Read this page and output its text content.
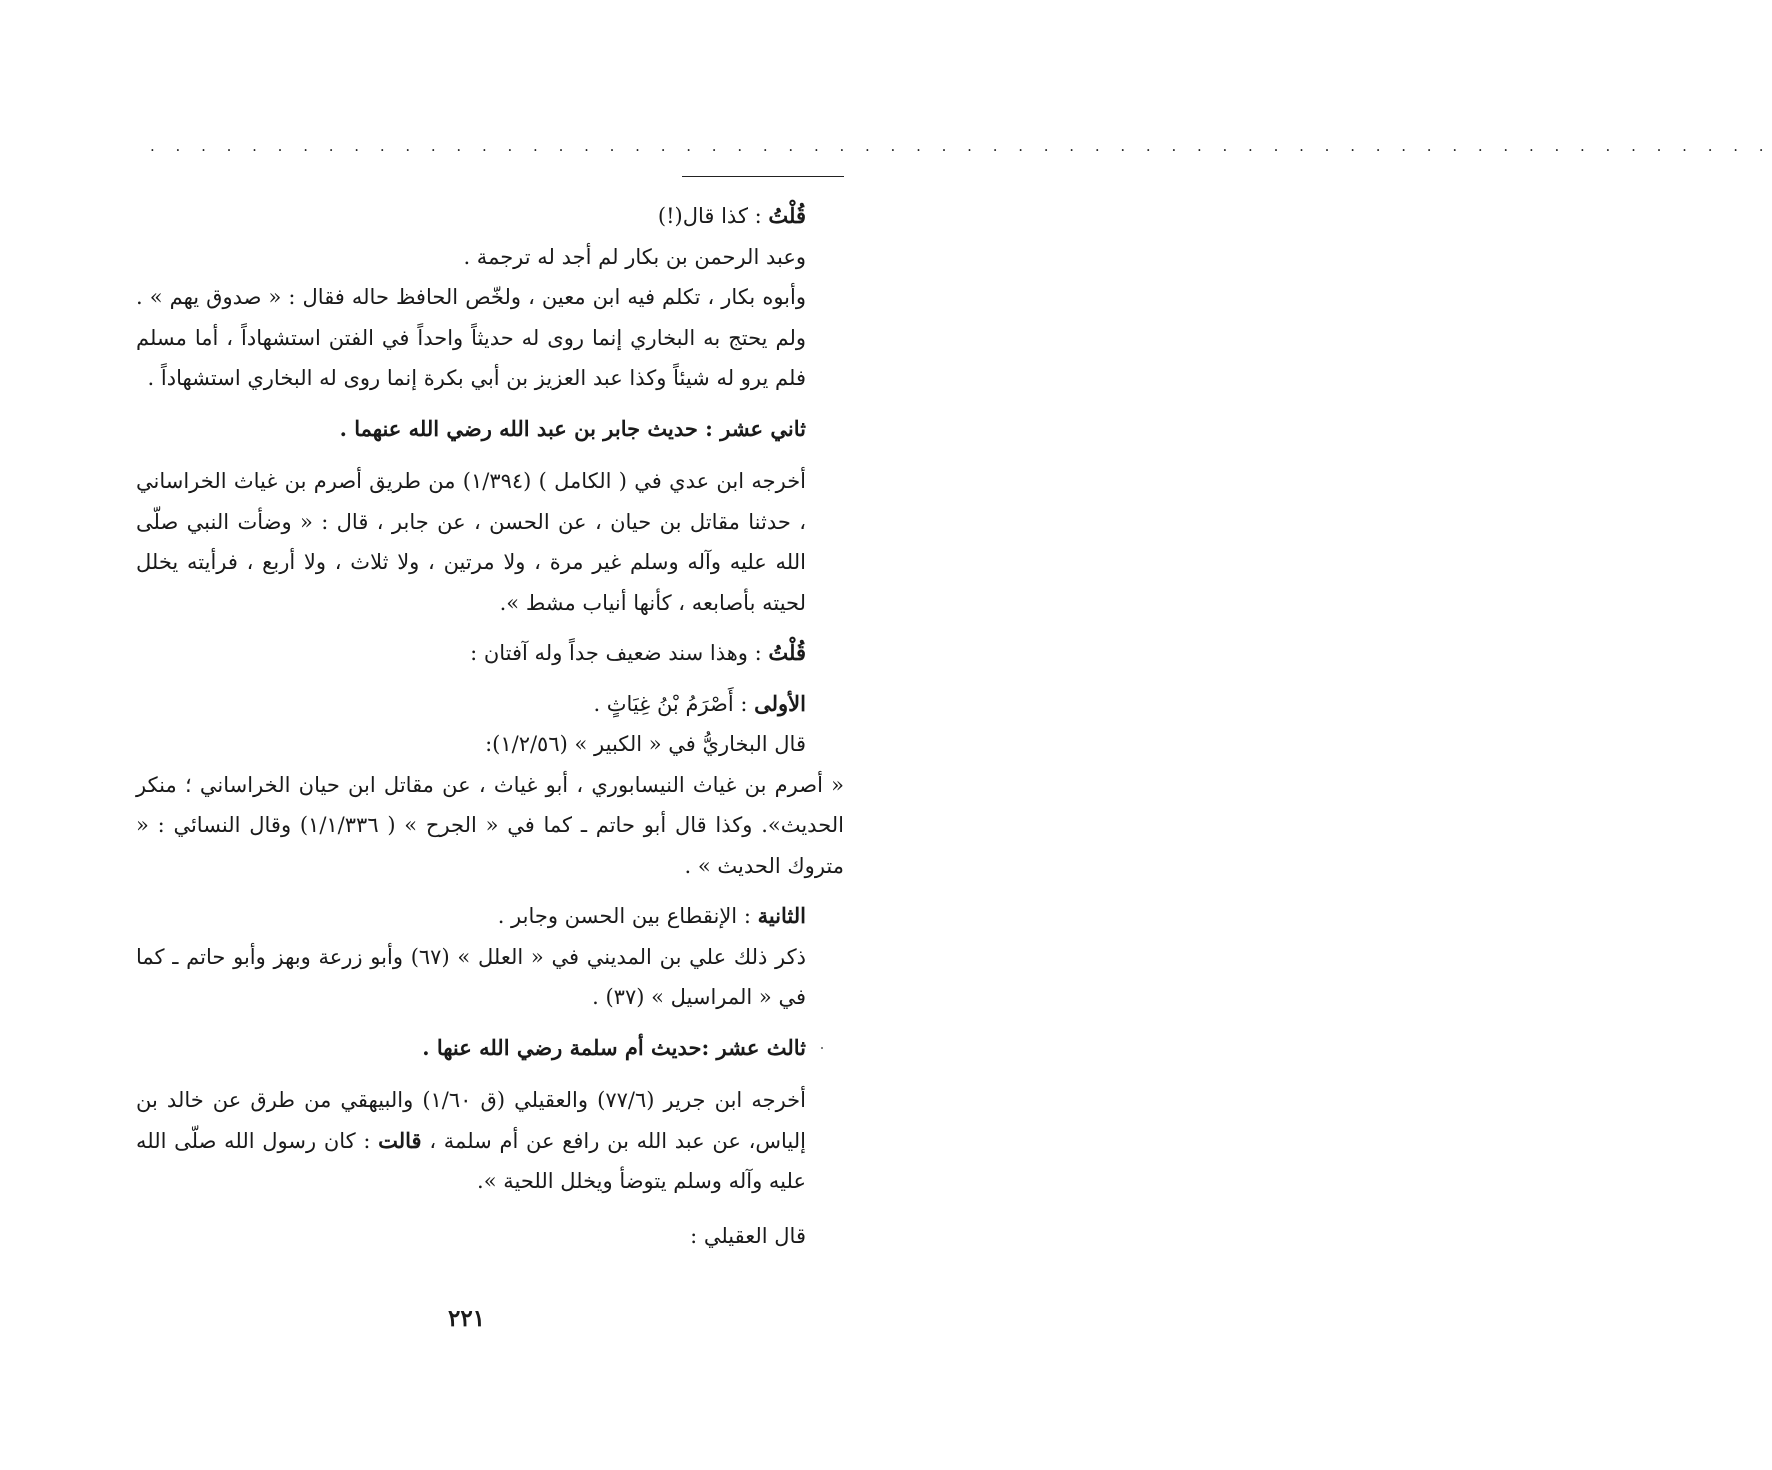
. . . . . . . . . . . . . . . . . . . . . . . . . . . . . . . . . . . . . . . . . . . . . . . . . . . . . . . . . . . . . . . .

قُلْتُ : كذا قال(!)

وعبد الرحمن بن بكار لم أجد له ترجمة .

وأبوه بكار ، تكلم فيه ابن معين ، ولخّص الحافظ حاله فقال : « صدوق يهم » . ولم يحتج به البخاري إنما روى له حديثاً واحداً في الفتن استشهاداً ، أما مسلم فلم يرو له شيئاً وكذا عبد العزيز بن أبي بكرة إنما روى له البخاري استشهاداً .

ثاني عشر : حديث جابر بن عبد الله رضي الله عنهما .

أخرجه ابن عدي في ( الكامل ) (١/٣٩٤) من طريق أصرم بن غياث الخراساني ، حدثنا مقاتل بن حيان ، عن الحسن ، عن جابر ، قال : « وضأت النبي صلّى الله عليه وآله وسلم غير مرة ، ولا مرتين ، ولا ثلاث ، ولا أربع ، فرأيته يخلل لحيته بأصابعه ، كأنها أنياب مشط ».

قُلْتُ : وهذا سند ضعيف جداً وله آفتان :

الأولى : أَصْرَمُ بْنُ غِيَاثٍ .

قال البخاريُّ في « الكبير » (١/٢/٥٦):

« أصرم بن غياث النيسابوري ، أبو غياث ، عن مقاتل ابن حيان الخراساني ؛ منكر الحديث». وكذا قال أبو حاتم ـ كما في « الجرح » ( ١/١/٣٣٦) وقال النسائي : « متروك الحديث » .

الثانية : الإنقطاع بين الحسن وجابر .

ذكر ذلك علي بن المديني في « العلل » (٦٧) وأبو زرعة وبهز وأبو حاتم ـ كما في « المراسيل » (٣٧) .

ثالث عشر :حديث أم سلمة رضي الله عنها .

أخرجه ابن جرير (٧٧/٦) والعقيلي (ق ١/٦٠) والبيهقي من طرق عن خالد بن إلياس، عن عبد الله بن رافع عن أم سلمة ، قالت : كان رسول الله صلّى الله عليه وآله وسلم يتوضأ ويخلل اللحية ».

قال العقيلي :

٢٢١
